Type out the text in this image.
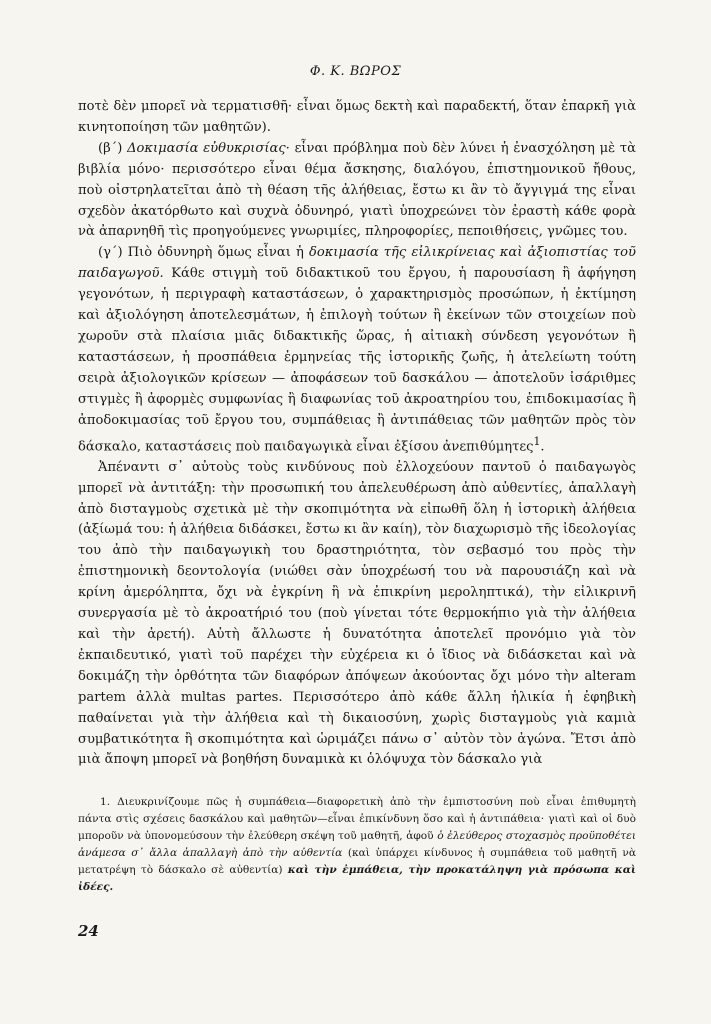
Φ. Κ. ΒΩΡΟΣ

ποτὲ δὲν μπορεῖ νὰ τερματισθῆ· εἶναι ὅμως δεκτὴ καὶ παραδεκτή, ὅταν ἐπαρκῆ γιὰ κινητοποίηση τῶν μαθητῶν).

(β΄) Δοκιμασία εὐθυκρισίας· εἶναι πρόβλημα ποὺ δὲν λύνει ἡ ἐνασχόληση μὲ τὰ βιβλία μόνο· περισσότερο εἶναι θέμα ἄσκησης, διαλόγου, ἐπιστημονικοῦ ἤθους, ποὺ οἰστρηλατεῖται ἀπὸ τὴ θέαση τῆς ἀλήθειας, ἔστω κι ἂν τὸ ἄγγιγμά της εἶναι σχεδὸν ἀκατόρθωτο καὶ συχνὰ ὀδυνηρό, γιατὶ ὑποχρεώνει τὸν ἐραστὴ κάθε φορὰ νὰ ἀπαρνηθῆ τὶς προηγούμενες γνωριμίες, πληροφορίες, πεποιθήσεις, γνῶμες του.

(γ΄) Πιὸ ὀδυνηρὴ ὅμως εἶναι ἡ δοκιμασία τῆς εἰλικρίνειας καὶ ἀξιοπιστίας τοῦ παιδαγωγοῦ. Κάθε στιγμὴ τοῦ διδακτικοῦ του ἔργου, ἡ παρουσίαση ἢ ἀφήγηση γεγονότων, ἡ περιγραφὴ καταστάσεων, ὁ χαρακτηρισμὸς προσώπων, ἡ ἐκτίμηση καὶ ἀξιολόγηση ἀποτελεσμάτων, ἡ ἐπιλογὴ τούτων ἢ ἐκείνων τῶν στοιχείων ποὺ χωροῦν στὰ πλαίσια μιᾶς διδακτικῆς ὥρας, ἡ αἰτιακὴ σύνδεση γεγονότων ἢ καταστάσεων, ἡ προσπάθεια ἑρμηνείας τῆς ἱστορικῆς ζωῆς, ἡ ἀτελείωτη τούτη σειρὰ ἀξιολογικῶν κρίσεων — ἀποφάσεων τοῦ δασκάλου — ἀποτελοῦν ἰσάριθμες στιγμὲς ἢ ἀφορμὲς συμφωνίας ἢ διαφωνίας τοῦ ἀκροατηρίου του, ἐπιδοκιμασίας ἢ ἀποδοκιμασίας τοῦ ἔργου του, συμπάθειας ἢ ἀντιπάθειας τῶν μαθητῶν πρὸς τὸν δάσκαλο, καταστάσεις ποὺ παιδαγωγικὰ εἶναι ἐξίσου ἀνεπιθύμητες$^1$.

Ἀπέναντι σ᾽ αὐτοὺς τοὺς κινδύνους ποὺ ἐλλοχεύουν παντοῦ ὁ παιδαγωγὸς μπορεῖ νὰ ἀντιτάξη: τὴν προσωπική του ἀπελευθέρωση ἀπὸ αὐθεντίες, ἀπαλλαγὴ ἀπὸ δισταγμοὺς σχετικὰ μὲ τὴν σκοπιμότητα νὰ εἰπωθῆ ὅλη ἡ ἱστορικὴ ἀλήθεια (ἀξίωμά του: ἡ ἀλήθεια διδάσκει, ἔστω κι ἂν καίη), τὸν διαχωρισμὸ τῆς ἰδεολογίας του ἀπὸ τὴν παιδαγωγικὴ του δραστηριότητα, τὸν σεβασμό του πρὸς τὴν ἐπιστημονικὴ δεοντολογία (νιώθει σὰν ὑποχρέωσή του νὰ παρουσιάζη καὶ νὰ κρίνη ἀμερόληπτα, ὄχι νὰ ἐγκρίνη ἢ νὰ ἐπικρίνη μεροληπτικά), τὴν εἰλικρινῆ συνεργασία μὲ τὸ ἀκροατήριό του (ποὺ γίνεται τότε θερμοκήπιο γιὰ τὴν ἀλήθεια καὶ τὴν ἀρετή). Αὐτὴ ἄλλωστε ἡ δυνατότητα ἀποτελεῖ προνόμιο γιὰ τὸν ἐκπαιδευτικό, γιατὶ τοῦ παρέχει τὴν εὐχέρεια κι ὁ ἴδιος νὰ διδάσκεται καὶ νὰ δοκιμάζη τὴν ὀρθότητα τῶν διαφόρων ἀπόψεων ἀκούοντας ὄχι μόνο τὴν alteram partem ἀλλὰ multas partes. Περισσότερο ἀπὸ κάθε ἄλλη ἡλικία ἡ ἐφηβικὴ παθαίνεται γιὰ τὴν ἀλήθεια καὶ τὴ δικαιοσύνη, χωρὶς δισταγμοὺς γιὰ καμιὰ συμβατικότητα ἢ σκοπιμότητα καὶ ὡριμάζει πάνω σ᾽ αὐτὸν τὸν ἀγώνα. Ἔτσι ἀπὸ μιὰ ἄποψη μπορεῖ νὰ βοηθήση δυναμικὰ κι ὁλόψυχα τὸν δάσκαλο γιὰ

1. Διευκρινίζουμε πῶς ἡ συμπάθεια—διαφορετικὴ ἀπὸ τὴν ἐμπιστοσύνη ποὺ εἶναι ἐπιθυμητὴ πάντα στὶς σχέσεις δασκάλου καὶ μαθητῶν—εἶναι ἐπικίνδυνη ὅσο καὶ ἡ ἀντιπάθεια· γιατὶ καὶ οἱ δυὸ μποροῦν νὰ ὑπονομεύσουν τὴν ἐλεύθερη σκέψη τοῦ μαθητῆ, ἀφοῦ ὁ ἐλεύθερος στοχασμὸς προϋποθέτει ἀνάμεσα σ᾽ ἄλλα ἀπαλλαγὴ ἀπὸ τὴν αὐθεντία (καὶ ὑπάρχει κίνδυνος ἡ συμπάθεια τοῦ μαθητῆ νὰ μετατρέψη τὸ δάσκαλο σὲ αὐθεντία) καὶ τὴν ἐμπάθεια, τὴν προκατάληψη γιὰ πρόσωπα καὶ ἰδέες.

24
